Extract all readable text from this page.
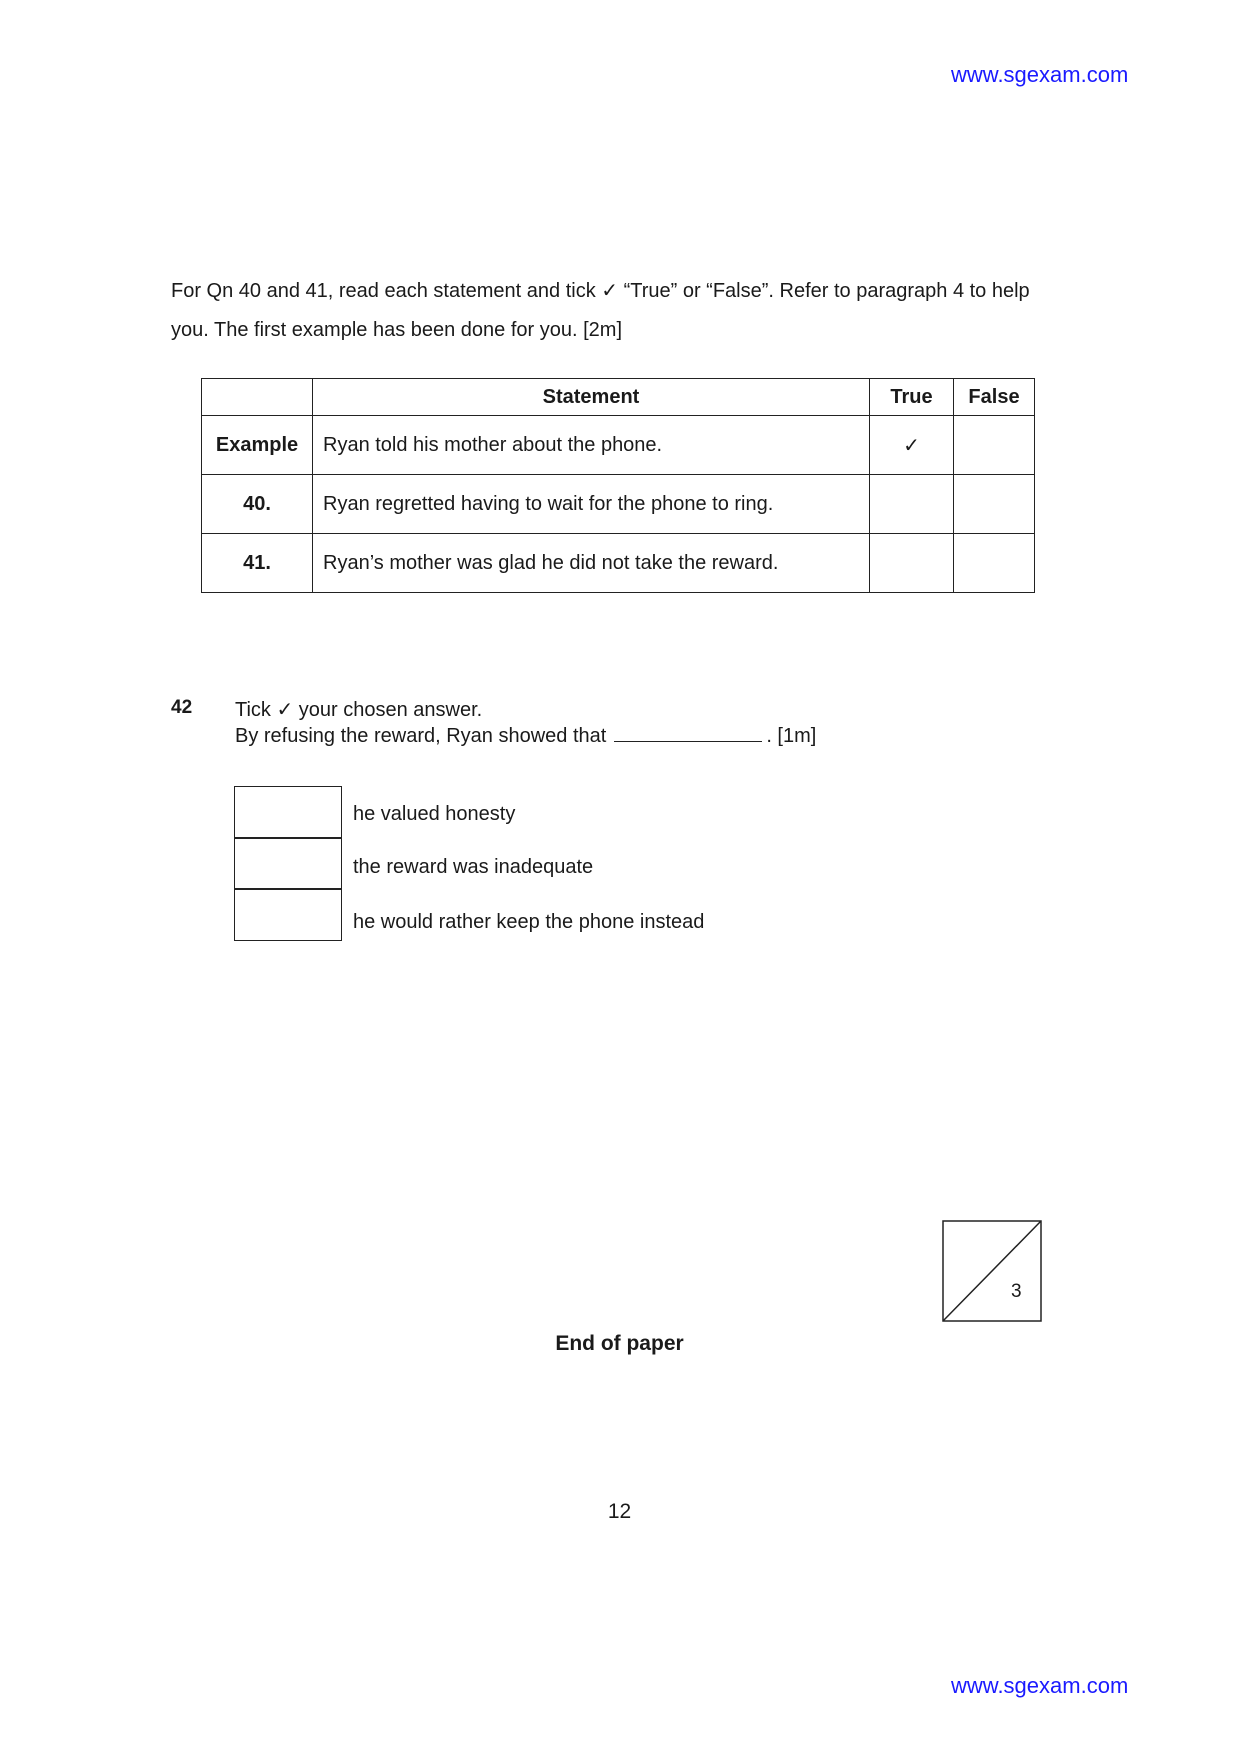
www.sgexam.com
For Qn 40 and 41, read each statement and tick ✓ “True” or “False”. Refer to paragraph 4 to help you. The first example has been done for you. [2m]
	Statement	True	False
Example	Ryan told his mother about the phone.	✓	
40.	Ryan regretted having to wait for the phone to ring.		
41.	Ryan’s mother was glad he did not take the reward.		
42 Tick ✓ your chosen answer.
By refusing the reward, Ryan showed that	. [1m]
he valued honesty
the reward was inadequate
he would rather keep the phone instead
3
End of paper
12
www.sgexam.com
